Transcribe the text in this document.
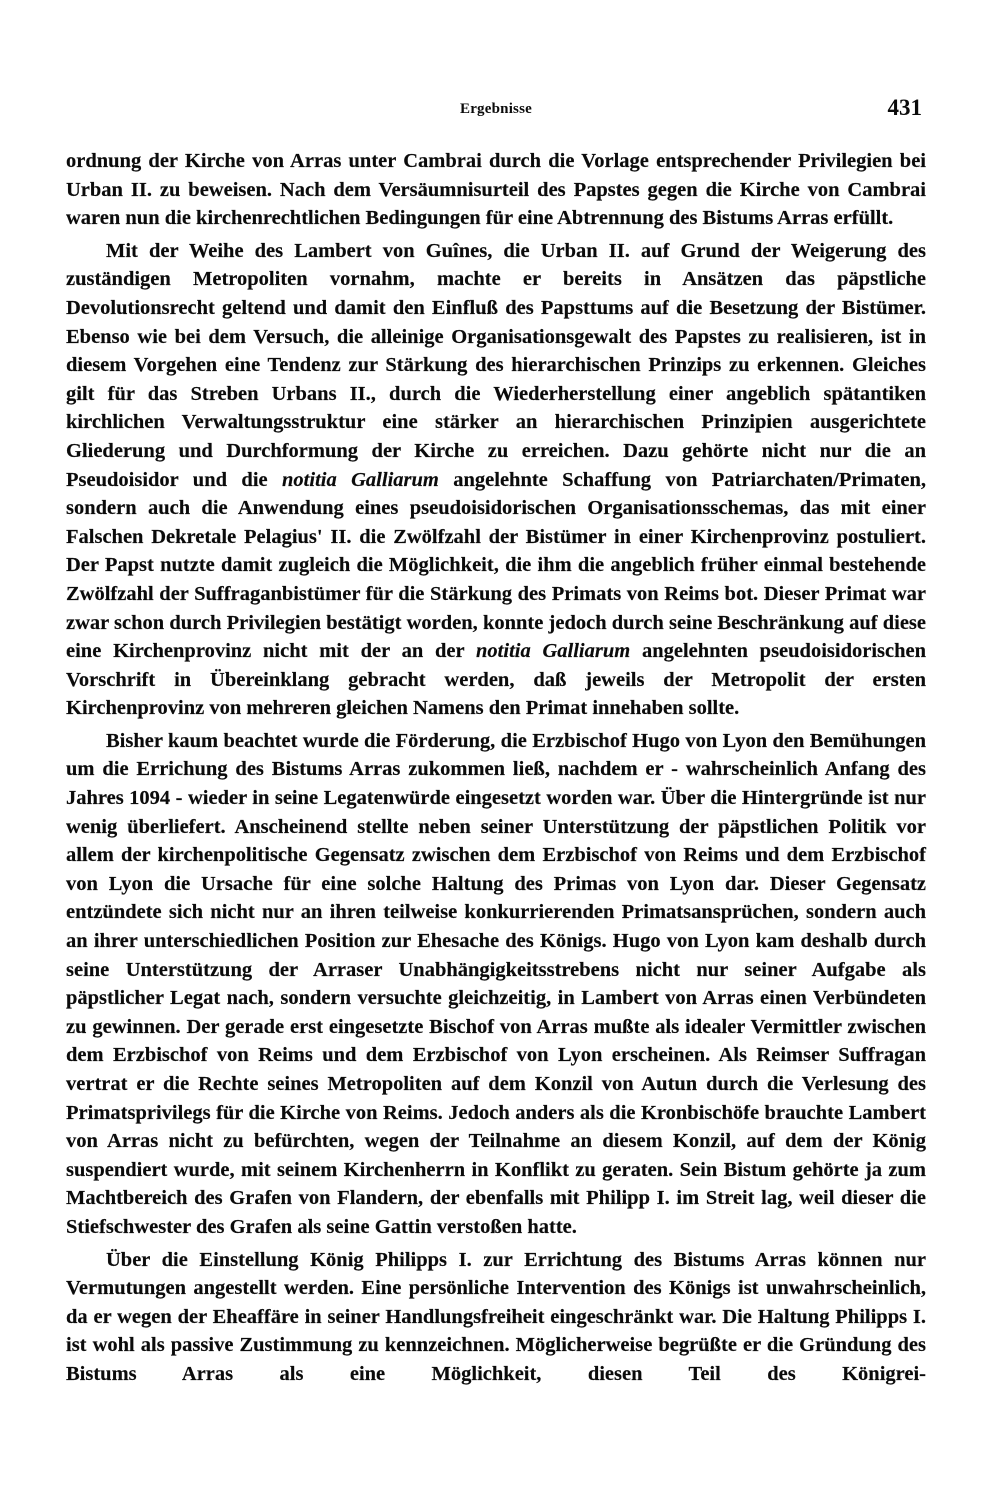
Ergebnisse	431

ordnung der Kirche von Arras unter Cambrai durch die Vorlage entsprechender Privilegien bei Urban II. zu beweisen. Nach dem Versäumnisurteil des Papstes gegen die Kirche von Cambrai waren nun die kirchenrechtlichen Bedingungen für eine Abtrennung des Bistums Arras erfüllt.

Mit der Weihe des Lambert von Guînes, die Urban II. auf Grund der Weigerung des zuständigen Metropoliten vornahm, machte er bereits in Ansätzen das päpstliche Devolutionsrecht geltend und damit den Einfluß des Papsttums auf die Besetzung der Bistümer. Ebenso wie bei dem Versuch, die alleinige Organisationsgewalt des Papstes zu realisieren, ist in diesem Vorgehen eine Tendenz zur Stärkung des hierarchischen Prinzips zu erkennen. Gleiches gilt für das Streben Urbans II., durch die Wiederherstellung einer angeblich spätantiken kirchlichen Verwaltungsstruktur eine stärker an hierarchischen Prinzipien ausgerichtete Gliederung und Durchformung der Kirche zu erreichen. Dazu gehörte nicht nur die an Pseudoisidor und die notitia Galliarum angelehnte Schaffung von Patriarchaten/Primaten, sondern auch die Anwendung eines pseudoisidorischen Organisationsschemas, das mit einer Falschen Dekretale Pelagius' II. die Zwölfzahl der Bistümer in einer Kirchenprovinz postuliert. Der Papst nutzte damit zugleich die Möglichkeit, die ihm die angeblich früher einmal bestehende Zwölfzahl der Suffraganbistümer für die Stärkung des Primats von Reims bot. Dieser Primat war zwar schon durch Privilegien bestätigt worden, konnte jedoch durch seine Beschränkung auf diese eine Kirchenprovinz nicht mit der an der notitia Galliarum angelehnten pseudoisidorischen Vorschrift in Übereinklang gebracht werden, daß jeweils der Metropolit der ersten Kirchenprovinz von mehreren gleichen Namens den Primat innehaben sollte.

Bisher kaum beachtet wurde die Förderung, die Erzbischof Hugo von Lyon den Bemühungen um die Errichung des Bistums Arras zukommen ließ, nachdem er - wahrscheinlich Anfang des Jahres 1094 - wieder in seine Legatenwürde eingesetzt worden war. Über die Hintergründe ist nur wenig überliefert. Anscheinend stellte neben seiner Unterstützung der päpstlichen Politik vor allem der kirchenpolitische Gegensatz zwischen dem Erzbischof von Reims und dem Erzbischof von Lyon die Ursache für eine solche Haltung des Primas von Lyon dar. Dieser Gegensatz entzündete sich nicht nur an ihren teilweise konkurrierenden Primatsansprüchen, sondern auch an ihrer unterschiedlichen Position zur Ehesache des Königs. Hugo von Lyon kam deshalb durch seine Unterstützung der Arraser Unabhängigkeitsstrebens nicht nur seiner Aufgabe als päpstlicher Legat nach, sondern versuchte gleichzeitig, in Lambert von Arras einen Verbündeten zu gewinnen. Der gerade erst eingesetzte Bischof von Arras mußte als idealer Vermittler zwischen dem Erzbischof von Reims und dem Erzbischof von Lyon erscheinen. Als Reimser Suffragan vertrat er die Rechte seines Metropoliten auf dem Konzil von Autun durch die Verlesung des Primatsprivilegs für die Kirche von Reims. Jedoch anders als die Kronbischöfe brauchte Lambert von Arras nicht zu befürchten, wegen der Teilnahme an diesem Konzil, auf dem der König suspendiert wurde, mit seinem Kirchenherrn in Konflikt zu geraten. Sein Bistum gehörte ja zum Machtbereich des Grafen von Flandern, der ebenfalls mit Philipp I. im Streit lag, weil dieser die Stiefschwester des Grafen als seine Gattin verstoßen hatte.

Über die Einstellung König Philipps I. zur Errichtung des Bistums Arras können nur Vermutungen angestellt werden. Eine persönliche Intervention des Königs ist unwahrscheinlich, da er wegen der Eheaffäre in seiner Handlungsfreiheit eingeschränkt war. Die Haltung Philipps I. ist wohl als passive Zustimmung zu kennzeichnen. Möglicherweise begrüßte er die Gründung des Bistums Arras als eine Möglichkeit, diesen Teil des Königrei-
